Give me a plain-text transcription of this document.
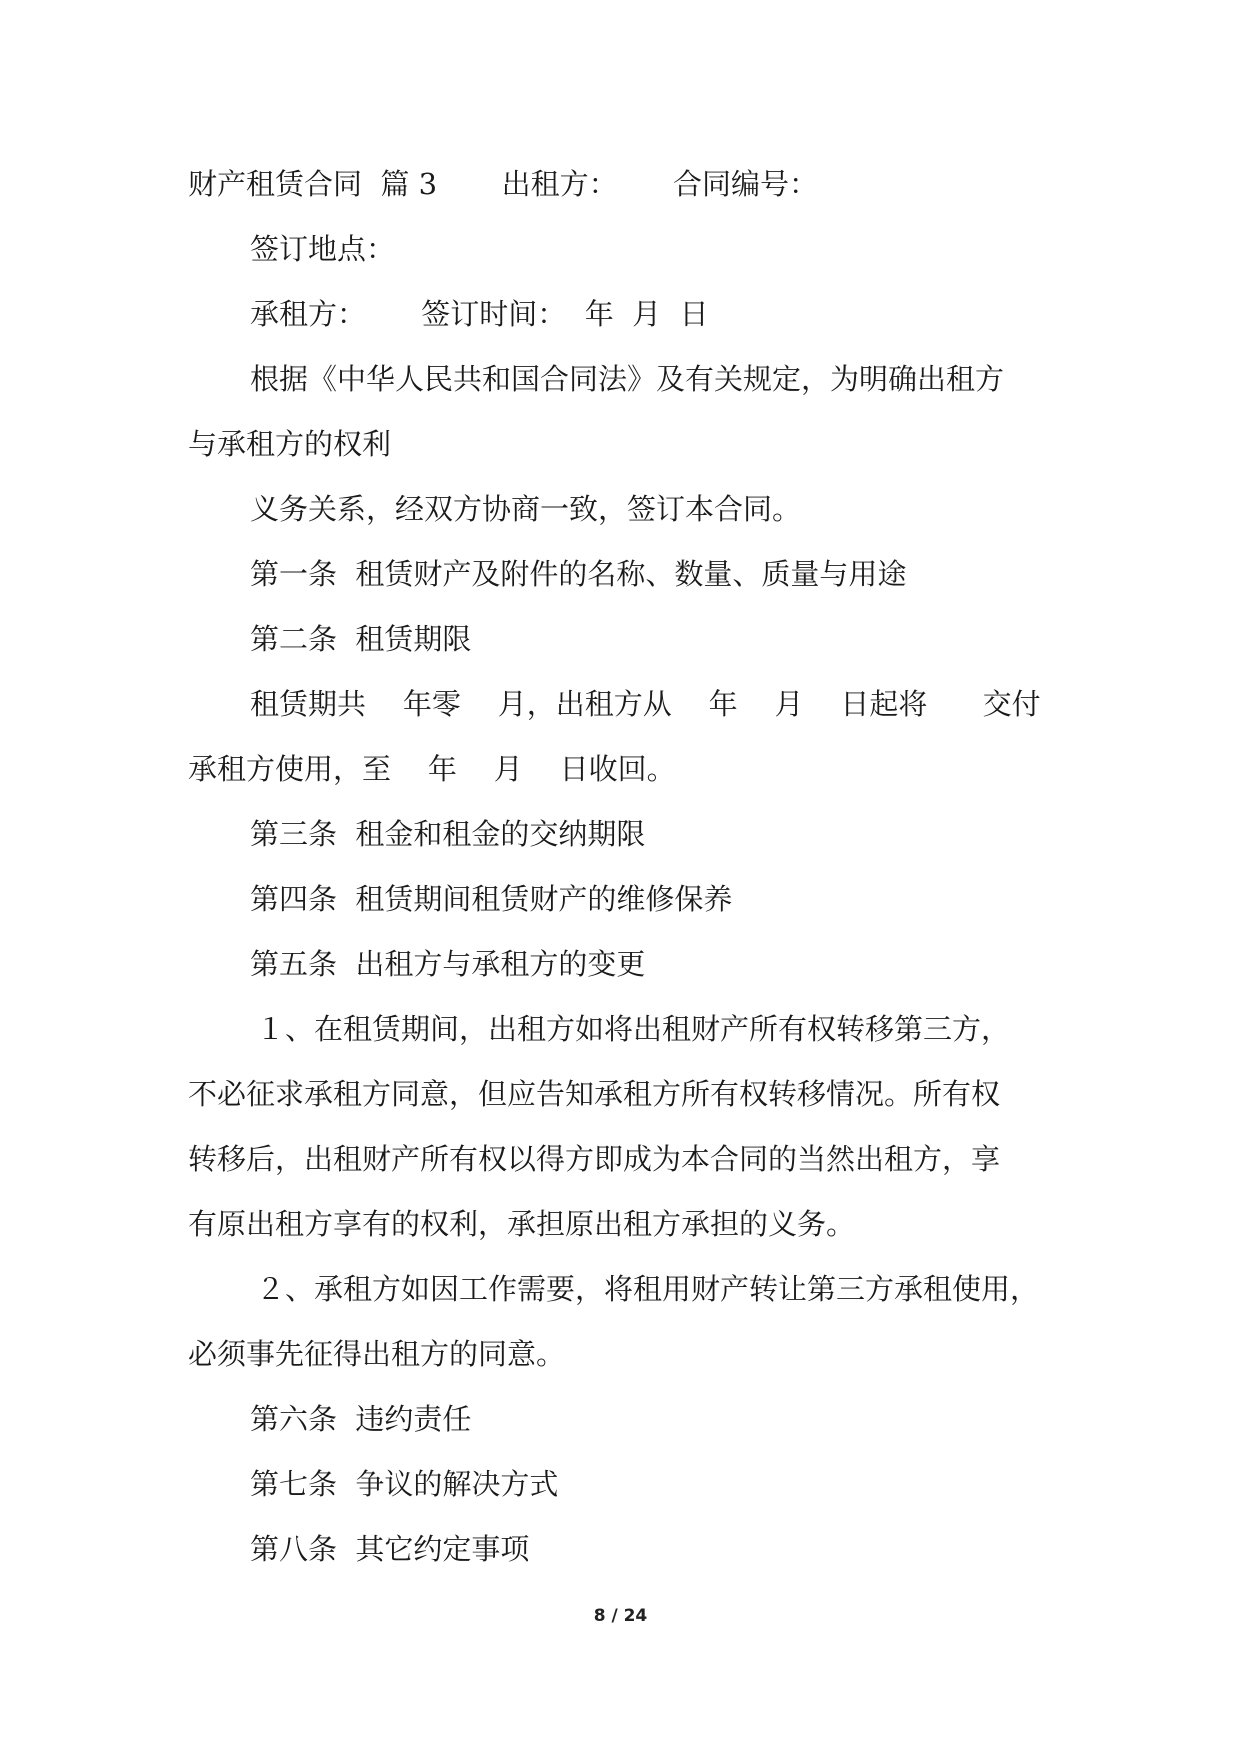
财产租赁合同  篇 3       出租方：      合同编号：

签订地点：

承租方：      签订时间：  年  月  日

根据《中华人民共和国合同法》及有关规定，为明确出租方

与承租方的权利

义务关系，经双方协商一致，签订本合同。

第一条  租赁财产及附件的名称、数量、质量与用途

第二条  租赁期限

租赁期共    年零    月，出租方从    年    月    日起将      交付

承租方使用，至    年    月    日收回。

第三条  租金和租金的交纳期限

第四条  租赁期间租赁财产的维修保养

第五条  出租方与承租方的变更

１、在租赁期间，出租方如将出租财产所有权转移第三方，

不必征求承租方同意，但应告知承租方所有权转移情况。所有权

转移后，出租财产所有权以得方即成为本合同的当然出租方，享

有原出租方享有的权利，承担原出租方承担的义务。

２、承租方如因工作需要，将租用财产转让第三方承租使用，

必须事先征得出租方的同意。

第六条  违约责任

第七条  争议的解决方式

第八条  其它约定事项

8 / 24
